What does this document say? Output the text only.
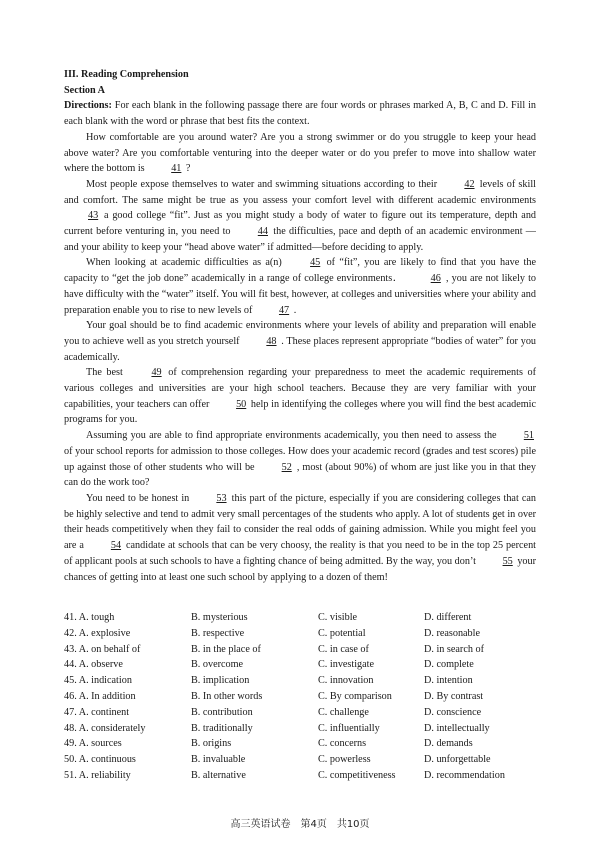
III. Reading Comprehension
Section A

Directions: For each blank in the following passage there are four words or phrases marked A, B, C and D. Fill in each blank with the word or phrase that best fits the context.

How comfortable are you around water? Are you a strong swimmer or do you struggle to keep your head above water? Are you comfortable venturing into the deeper water or do you prefer to move into shallow water where the bottom is 41 ?

Most people expose themselves to water and swimming situations according to their 42 levels of skill and comfort. The same might be true as you assess your comfort level with different academic environments 43 a good college “fit”. Just as you might study a body of water to figure out its temperature, depth and current before venturing in, you need to 44 the difficulties, pace and depth of an academic environment —and your ability to keep your “head above water” if admitted—before deciding to apply.

When looking at academic difficulties as a(n) 45 of “fit”, you are likely to find that you have the capacity to “get the job done” academically in a range of college environments．	46 , you are not likely to have difficulty with the “water” itself. You will fit best, however, at colleges and universities where your ability and preparation enable you to rise to new levels of 47 .

Your goal should be to find academic environments where your levels of ability and preparation will enable you to achieve well as you stretch yourself 48 . These places represent appropriate “bodies of water” for you academically.

The best 49 of comprehension regarding your preparedness to meet the academic requirements of various colleges and universities are your high school teachers. Because they are very familiar with your capabilities, your teachers can offer 50 help in identifying the colleges where you will find the best academic programs for you.

Assuming you are able to find appropriate environments academically, you then need to assess the 51 of your school reports for admission to those colleges. How does your academic record (grades and test scores) pile up against those of other students who will be 52 , most (about 90%) of whom are just like you in that they can do the work too?

You need to be honest in 53 this part of the picture, especially if you are considering colleges that can be highly selective and tend to admit very small percentages of the students who apply. A lot of students get in over their heads competitively when they fail to consider the real odds of gaining admission. While you might feel you are a 54 candidate at schools that can be very choosy, the reality is that you need to be in the top 25 percent of applicant pools at such schools to have a fighting chance of being admitted. By the way, you don’t 55 your chances of getting into at least one such school by applying to a dozen of them!

41. A. tough	B. mysterious	C. visible	D. different
42. A. explosive	B. respective	C. potential	D. reasonable
43. A. on behalf of	B. in the place of	C. in case of	D. in search of
44. A. observe	B. overcome	C. investigate	D. complete
45. A. indication	B. implication	C. innovation	D. intention
46. A. In addition	B. In other words	C. By comparison	D. By contrast
47. A. continent	B. contribution	C. challenge	D. conscience
48. A. considerately	B. traditionally	C. influentially	D. intellectually
49. A. sources	B. origins	C. concerns	D. demands
50. A. continuous	B. invaluable	C. powerless	D. unforgettable
51. A. reliability	B. alternative	C. competitiveness	D. recommendation
高三英语试卷　第4页　共10页
